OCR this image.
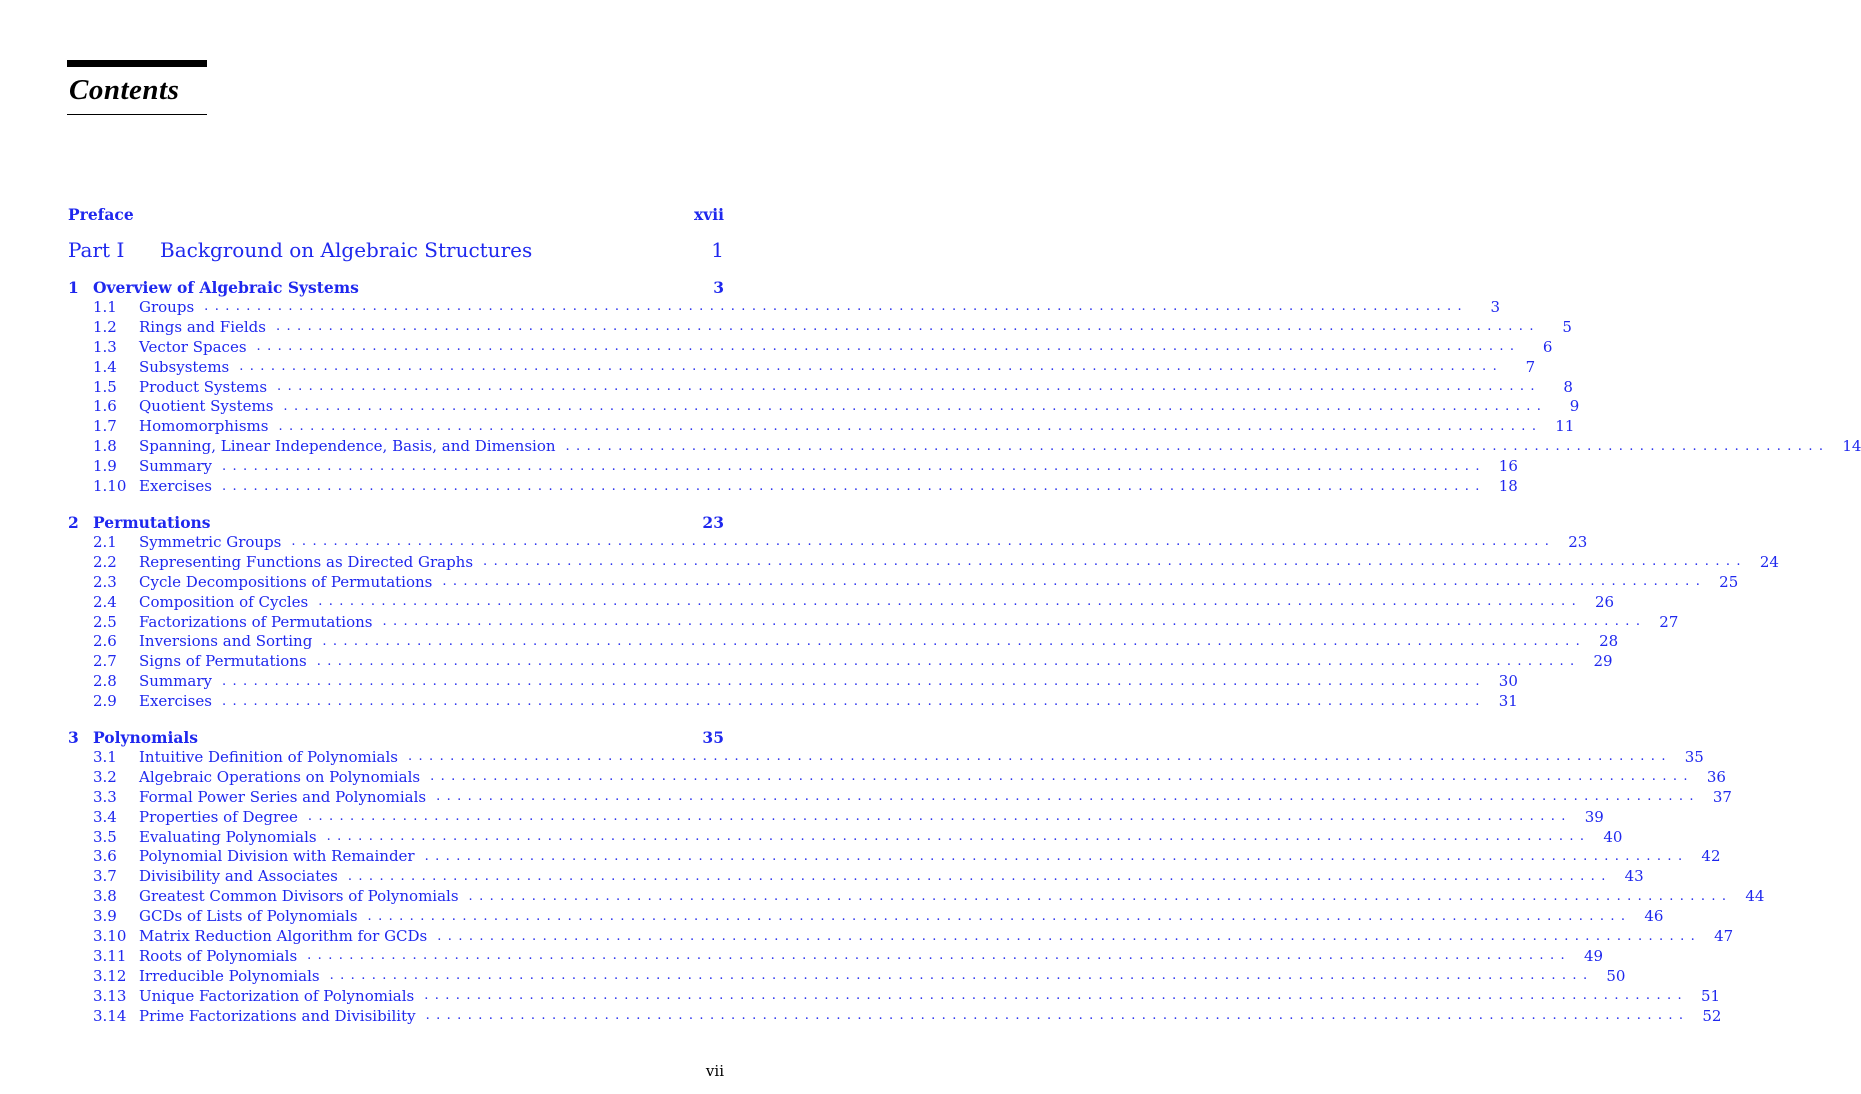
Contents
Preface	xvii
Part I	Background on Algebraic Structures	1
1 Overview of Algebraic Systems	3
1.1	Groups ........................................................................................................................	3
1.2	Rings and Fields ........................................................................................................................	5
1.3	Vector Spaces ........................................................................................................................	6
1.4	Subsystems ........................................................................................................................	7
1.5	Product Systems ........................................................................................................................	8
1.6	Quotient Systems ........................................................................................................................	9
1.7	Homomorphisms ........................................................................................................................ 11
1.8	Spanning, Linear Independence, Basis, and Dimension ........................................................................................................................ 14
1.9	Summary ........................................................................................................................ 16
1.10 Exercises ........................................................................................................................ 18
2 Permutations	23
2.1	Symmetric Groups ........................................................................................................................ 23
2.2	Representing Functions as Directed Graphs ........................................................................................................................ 24
2.3	Cycle Decompositions of Permutations ........................................................................................................................ 25
2.4	Composition of Cycles ........................................................................................................................ 26
2.5	Factorizations of Permutations ........................................................................................................................ 27
2.6	Inversions and Sorting ........................................................................................................................ 28
2.7	Signs of Permutations ........................................................................................................................ 29
2.8	Summary ........................................................................................................................ 30
2.9	Exercises ........................................................................................................................ 31
3 Polynomials	35
3.1	Intuitive Definition of Polynomials ........................................................................................................................ 35
3.2	Algebraic Operations on Polynomials ........................................................................................................................ 36
3.3	Formal Power Series and Polynomials ........................................................................................................................ 37
3.4	Properties of Degree ........................................................................................................................ 39
3.5	Evaluating Polynomials ........................................................................................................................ 40
3.6	Polynomial Division with Remainder ........................................................................................................................ 42
3.7	Divisibility and Associates ........................................................................................................................ 43
3.8	Greatest Common Divisors of Polynomials ........................................................................................................................ 44
3.9	GCDs of Lists of Polynomials ........................................................................................................................ 46
3.10 Matrix Reduction Algorithm for GCDs ........................................................................................................................ 47
3.11 Roots of Polynomials ........................................................................................................................ 49
3.12 Irreducible Polynomials ........................................................................................................................ 50
3.13 Unique Factorization of Polynomials ........................................................................................................................ 51
3.14 Prime Factorizations and Divisibility ........................................................................................................................ 52
vii
